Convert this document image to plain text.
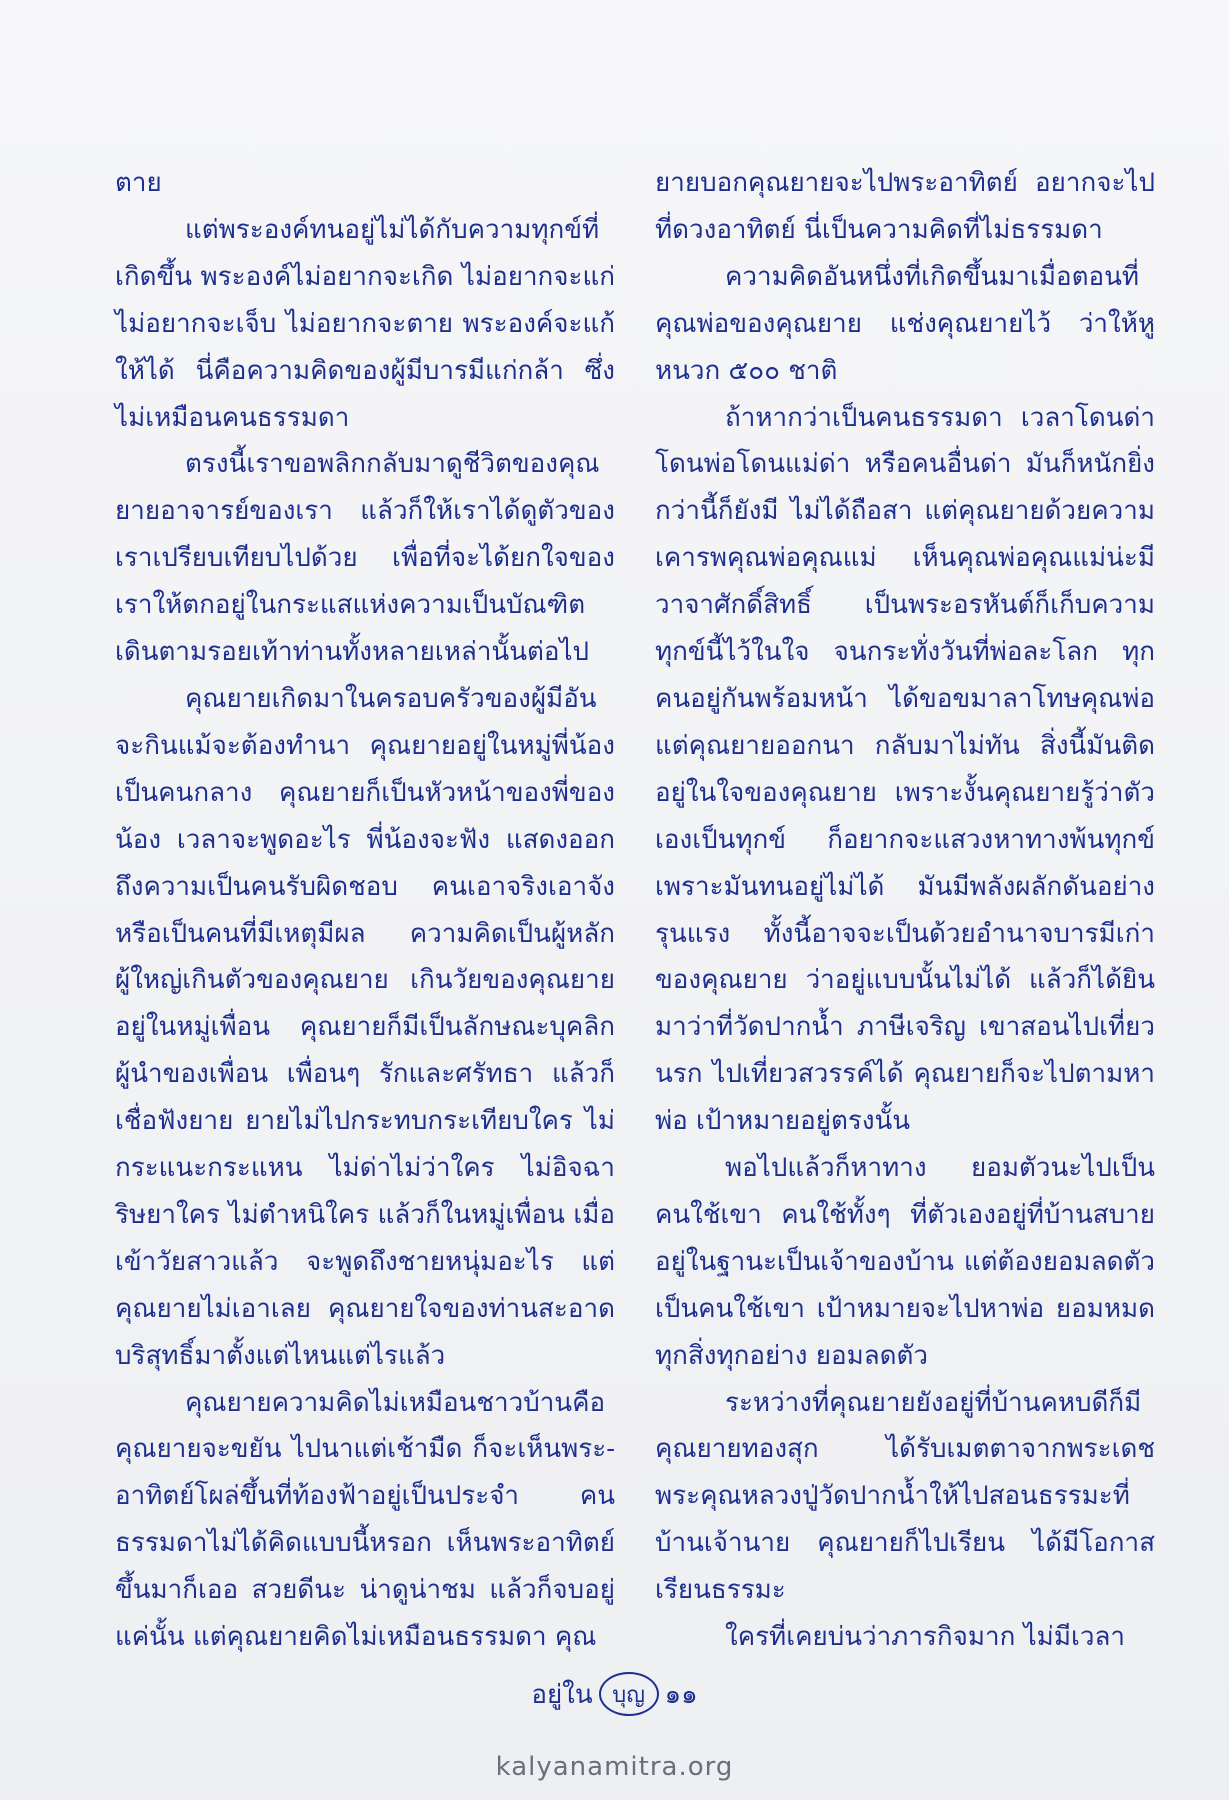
ตาย

แต่พระองค์ทนอยู่ไม่ได้กับความทุกข์ที่เกิดขึ้น พระองค์ไม่อยากจะเกิด ไม่อยากจะแก่ ไม่อยากจะเจ็บ ไม่อยากจะตาย พระองค์จะแก้ให้ได้ นี่คือความคิดของผู้มีบารมีแก่กล้า ซึ่งไม่เหมือนคนธรรมดา

ตรงนี้เราขอพลิกกลับมาดูชีวิตของคุณยายอาจารย์ของเรา แล้วก็ให้เราได้ดูตัวของเราเปรียบเทียบไปด้วย เพื่อที่จะได้ยกใจของเราให้ตกอยู่ในกระแสแห่งความเป็นบัณฑิต เดินตามรอยเท้าท่านทั้งหลายเหล่านั้นต่อไป

คุณยายเกิดมาในครอบครัวของผู้มีอันจะกินแม้จะต้องทำนา คุณยายอยู่ในหมู่พี่น้อง เป็นคนกลาง คุณยายก็เป็นหัวหน้าของพี่ของน้อง เวลาจะพูดอะไร พี่น้องจะฟัง แสดงออกถึงความเป็นคนรับผิดชอบ คนเอาจริงเอาจัง หรือเป็นคนที่มีเหตุมีผล ความคิดเป็นผู้หลักผู้ใหญ่เกินตัวของคุณยาย เกินวัยของคุณยาย อยู่ในหมู่เพื่อน คุณยายก็มีเป็นลักษณะบุคลิกผู้นำของเพื่อน เพื่อนๆ รักและศรัทธา แล้วก็เชื่อฟังยาย ยายไม่ไปกระทบกระเทียบใคร ไม่กระแนะกระแหน ไม่ด่าไม่ว่าใคร ไม่อิจฉาริษยาใคร ไม่ตำหนิใคร แล้วก็ในหมู่เพื่อน เมื่อเข้าวัยสาวแล้ว จะพูดถึงชายหนุ่มอะไร แต่คุณยายไม่เอาเลย คุณยายใจของท่านสะอาดบริสุทธิ์มาตั้งแต่ไหนแต่ไรแล้ว

คุณยายความคิดไม่เหมือนชาวบ้านคือคุณยายจะขยัน ไปนาแต่เช้ามืด ก็จะเห็นพระ-อาทิตย์โผล่ขึ้นที่ท้องฟ้าอยู่เป็นประจำ คนธรรมดาไม่ได้คิดแบบนี้หรอก เห็นพระอาทิตย์ขึ้นมาก็เออ สวยดีนะ น่าดูน่าชม แล้วก็จบอยู่แค่นั้น แต่คุณยายคิดไม่เหมือนธรรมดา คุณ

ยายบอกคุณยายจะไปพระอาทิตย์ อยากจะไปที่ดวงอาทิตย์ นี่เป็นความคิดที่ไม่ธรรมดา

ความคิดอันหนึ่งที่เกิดขึ้นมาเมื่อตอนที่คุณพ่อของคุณยาย แช่งคุณยายไว้ ว่าให้หูหนวก ๕๐๐ ชาติ

ถ้าหากว่าเป็นคนธรรมดา เวลาโดนด่าโดนพ่อโดนแม่ด่า หรือคนอื่นด่า มันก็หนักยิ่งกว่านี้ก็ยังมี ไม่ได้ถือสา แต่คุณยายด้วยความเคารพคุณพ่อคุณแม่ เห็นคุณพ่อคุณแม่น่ะมีวาจาศักดิ์สิทธิ์ เป็นพระอรหันต์ก็เก็บความทุกข์นี้ไว้ในใจ จนกระทั่งวันที่พ่อละโลก ทุกคนอยู่กันพร้อมหน้า ได้ขอขมาลาโทษคุณพ่อแต่คุณยายออกนา กลับมาไม่ทัน สิ่งนี้มันติดอยู่ในใจของคุณยาย เพราะงั้นคุณยายรู้ว่าตัวเองเป็นทุกข์ ก็อยากจะแสวงหาทางพ้นทุกข์เพราะมันทนอยู่ไม่ได้ มันมีพลังผลักดันอย่างรุนแรง ทั้งนี้อาจจะเป็นด้วยอำนาจบารมีเก่าของคุณยาย ว่าอยู่แบบนั้นไม่ได้ แล้วก็ได้ยินมาว่าที่วัดปากน้ำ ภาษีเจริญ เขาสอนไปเที่ยวนรก ไปเที่ยวสวรรค์ได้ คุณยายก็จะไปตามหาพ่อ เป้าหมายอยู่ตรงนั้น

พอไปแล้วก็หาทาง ยอมตัวนะไปเป็นคนใช้เขา คนใช้ทั้งๆ ที่ตัวเองอยู่ที่บ้านสบายอยู่ในฐานะเป็นเจ้าของบ้าน แต่ต้องยอมลดตัวเป็นคนใช้เขา เป้าหมายจะไปหาพ่อ ยอมหมดทุกสิ่งทุกอย่าง ยอมลดตัว

ระหว่างที่คุณยายยังอยู่ที่บ้านคหบดีก็มีคุณยายทองสุก ได้รับเมตตาจากพระเดชพระคุณหลวงปู่วัดปากน้ำให้ไปสอนธรรมะที่บ้านเจ้านาย คุณยายก็ไปเรียน ได้มีโอกาสเรียนธรรมะ

ใครที่เคยบ่นว่าภารกิจมาก ไม่มีเวลา

อยู่ใน บุญ ๑๑
kalyanamitra.org
